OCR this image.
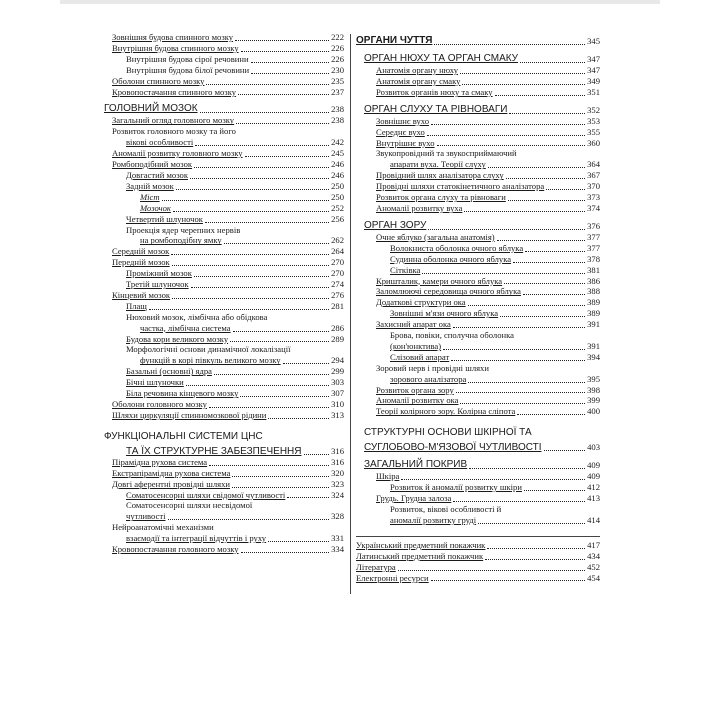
Зовнішня будова спинного мозку	222
Внутрішня будова спинного мозку	226
Внутрішня будова сірої речовини	226
Внутрішня будова білої речовини	230
Оболони спинного мозку	235
Кровопостачання спинного мозку	237
ГОЛОВНИЙ МОЗОК	238
Загальний огляд головного мозку	238
Розвиток головного мозку та його
вікові особливості	242
Аномалії розвитку головного мозку	245
Ромбоподібний мозок	246
Довгастий мозок	246
Задній мозок	250
Міст	250
Мозочок	252
Четвертий шлуночок	256
Проекція ядер черепних нервів
на ромбоподібну ямку	262
Середній мозок	264
Передній мозок	270
Проміжний мозок	270
Третій шлуночок	274
Кінцевий мозок	276
Плащ	281
Нюховий мозок, лімбічна або обідкова
частка, лімбічна система	286
Будова кори великого мозку	289
Морфологічні основи динамічної локалізації
функцій в корі півкуль великого мозку	294
Базальні (основні) ядра	299
Бічні шлуночки	303
Біла речовина кінцевого мозку	307
Оболони головного мозку	310
Шляхи циркуляції спинномозкової рідини	313
ФУНКЦІОНАЛЬНІ СИСТЕМИ ЦНС
ТА ЇХ СТРУКТУРНЕ ЗАБЕЗПЕЧЕННЯ	316
Пірамідна рухова система	316
Екстрапірамідна рухова система	320
Довгі аферентні провідні шляхи	323
Соматосенсорні шляхи свідомої чутливості	324
Соматосенсорні шляхи несвідомої
чутливості	328
Нейроанатомічні механізми
взаємодії та інтеграції відчуттів і руху	331
Кровопостачання головного мозку	334
ОРГАНИ ЧУТТЯ	345
ОРГАН НЮХУ ТА ОРГАН СМАКУ	347
Анатомія органу нюху	347
Анатомія органу смаку	349
Розвиток органів нюху та смаку	351
ОРГАН СЛУХУ ТА РІВНОВАГИ	352
Зовнішнє вухо	353
Середнє вухо	355
Внутрішнє вухо	360
Звукопровідний та звукосприймаючий
апарати вуха. Теорії слуху	364
Провідний шлях аналізатора слуху	367
Провідні шляхи статокінетичного аналізатора	370
Розвиток органа слуху та рівноваги	373
Аномалії розвитку вуха	374
ОРГАН ЗОРУ	376
Очне яблуко (загальна анатомія)	377
Волокниста оболонка очного яблука	377
Судинна оболонка очного яблука	378
Сітківка	381
Кришталик, камери очного яблука	386
Заломлюючі середовища очного яблука	388
Додаткові структури ока	389
Зовнішні м'язи очного яблука	389
Захисний апарат ока	391
Брова, повіки, сполучна оболонка
(кон'юнктива)	391
Слізовий апарат	394
Зоровий нерв і провідні шляхи
зорового аналізатора	395
Розвиток органа зору	398
Аномалії розвитку ока	399
Теорії колірного зору. Колірна сліпота	400
СТРУКТУРНІ ОСНОВИ ШКІРНОЇ ТА
СУГЛОБОВО-М'ЯЗОВОЇ ЧУТЛИВОСТІ	403
ЗАГАЛЬНИЙ ПОКРИВ	409
Шкіра	409
Розвиток й аномалії розвитку шкіри	412
Грудь. Грудна залоза	413
Розвиток, вікові особливості й
аномалії розвитку груді	414
Український предметний покажчик	417
Латинський предметний покажчик	434
Література	452
Електронні ресурси	454
